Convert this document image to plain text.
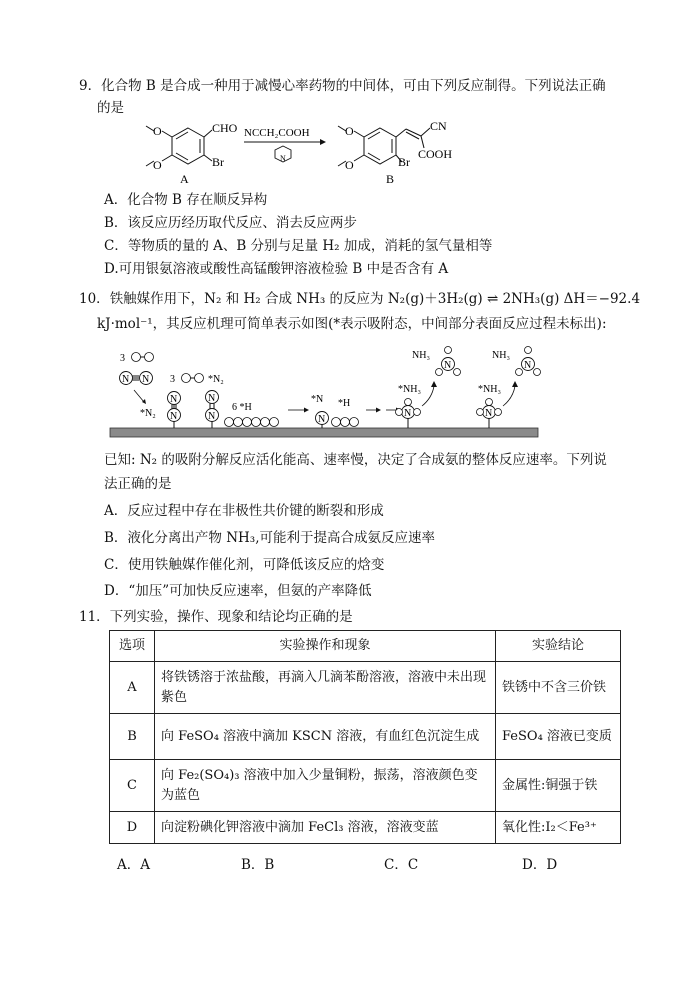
9．化合物 B 是合成一种用于减慢心率药物的中间体，可由下列反应制得。下列说法正确
的是
O
O
CHO
Br
A
NCCH₂COOH
N
O
O
CN
COOH
Br
B
A．化合物 B 存在顺反异构
B．该反应历经历取代反应、消去反应两步
C．等物质的量的 A、B 分别与足量 H₂ 加成，消耗的氢气量相等
D.可用银氨溶液或酸性高锰酸钾溶液检验 B 中是否含有 A
10．铁触媒作用下，N₂ 和 H₂ 合成 NH₃ 的反应为 N₂(g)＋3H₂(g) ⇌ 2NH₃(g) ΔH＝−92.4
kJ·mol⁻¹，其反应机理可简单表示如图(*表示吸附态，中间部分表面反应过程未标出):
3
N N
*N₂
3
N
N
*N₂
N
N
6 *H
*N *H
N
*NH₃
N
NH₃
N
*NH₃
N
NH₃
N
已知: N₂ 的吸附分解反应活化能高、速率慢，决定了合成氨的整体反应速率。下列说
法正确的是
A．反应过程中存在非极性共价键的断裂和形成
B．液化分离出产物 NH₃,可能利于提高合成氨反应速率
C．使用铁触媒作催化剂，可降低该反应的焓变
D．“加压”可加快反应速率，但氨的产率降低
11．下列实验，操作、现象和结论均正确的是
选项	实验操作和现象	实验结论
A	将铁锈溶于浓盐酸，再滴入几滴苯酚溶液，溶液中未出现紫色	铁锈中不含三价铁
B	向 FeSO₄ 溶液中滴加 KSCN 溶液，有血红色沉淀生成	FeSO₄ 溶液已变质
C	向 Fe₂(SO₄)₃ 溶液中加入少量铜粉，振荡，溶液颜色变为蓝色	金属性:铜强于铁
D	向淀粉碘化钾溶液中滴加 FeCl₃ 溶液，溶液变蓝	氧化性:I₂＜Fe³⁺
A．A	B．B	C．C	D．D
